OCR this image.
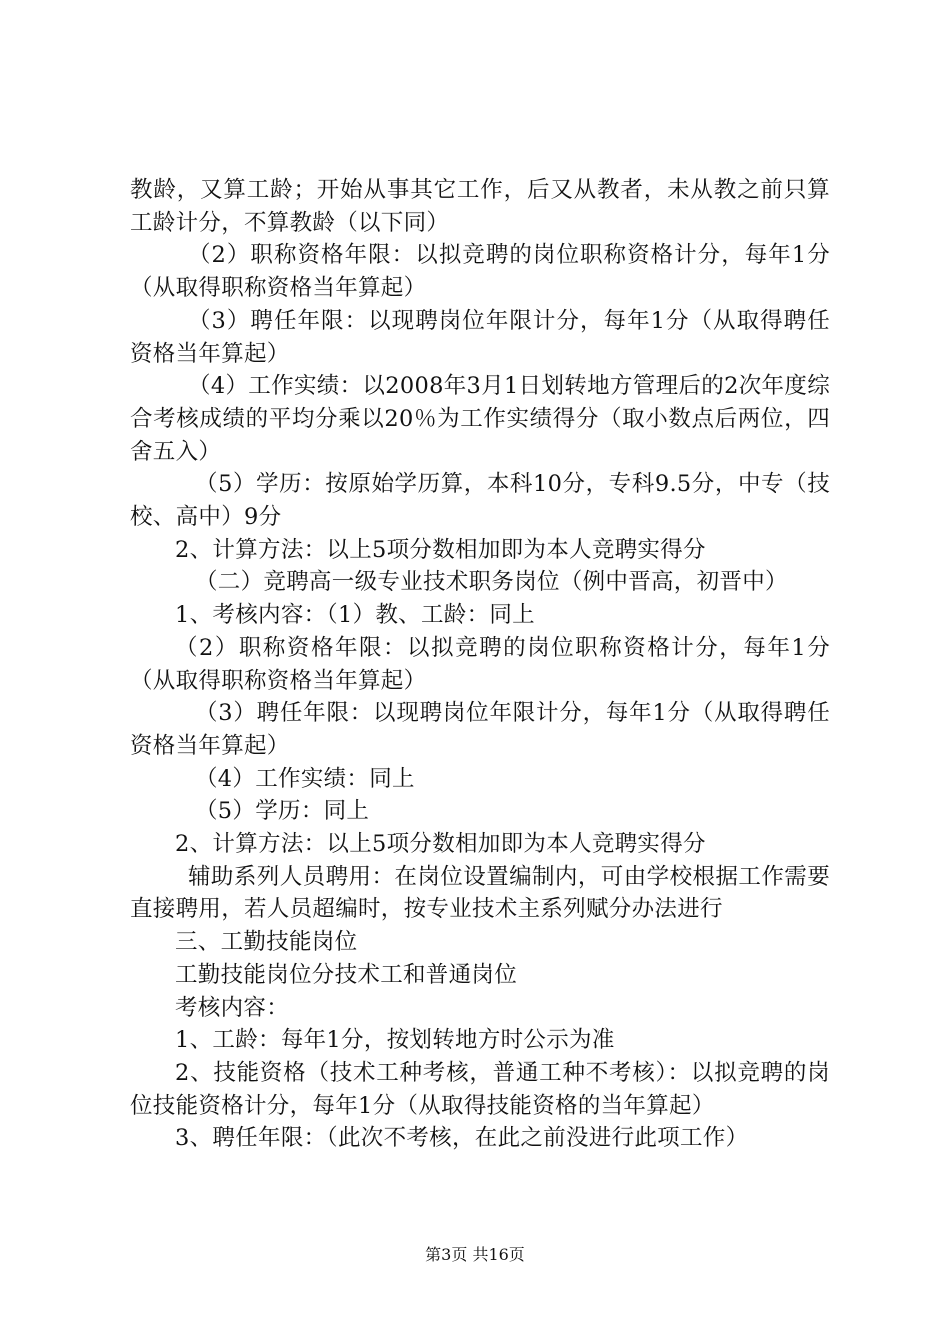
教龄，又算工龄；开始从事其它工作，后又从教者，未从教之前只算工龄计分，不算教龄（以下同）

（2）职称资格年限：以拟竞聘的岗位职称资格计分，每年1分（从取得职称资格当年算起）

（3）聘任年限：以现聘岗位年限计分，每年1分（从取得聘任资格当年算起）

（4）工作实绩：以2008年3月1日划转地方管理后的2次年度综合考核成绩的平均分乘以20％为工作实绩得分（取小数点后两位，四舍五入）

（5）学历：按原始学历算，本科10分，专科9.5分，中专（技校、高中）9分

2、计算方法：以上5项分数相加即为本人竞聘实得分

（二）竞聘高一级专业技术职务岗位（例中晋高，初晋中）

1、考核内容：（1）教、工龄：同上

（2）职称资格年限：以拟竞聘的岗位职称资格计分，每年1分（从取得职称资格当年算起）

（3）聘任年限：以现聘岗位年限计分，每年1分（从取得聘任资格当年算起）

（4）工作实绩：同上

（5）学历：同上

2、计算方法：以上5项分数相加即为本人竞聘实得分

辅助系列人员聘用：在岗位设置编制内，可由学校根据工作需要直接聘用，若人员超编时，按专业技术主系列赋分办法进行

三、工勤技能岗位

工勤技能岗位分技术工和普通岗位

考核内容：

1、工龄：每年1分，按划转地方时公示为准

2、技能资格（技术工种考核，普通工种不考核）：以拟竞聘的岗位技能资格计分，每年1分（从取得技能资格的当年算起）

3、聘任年限：（此次不考核，在此之前没进行此项工作）

第3页 共16页
